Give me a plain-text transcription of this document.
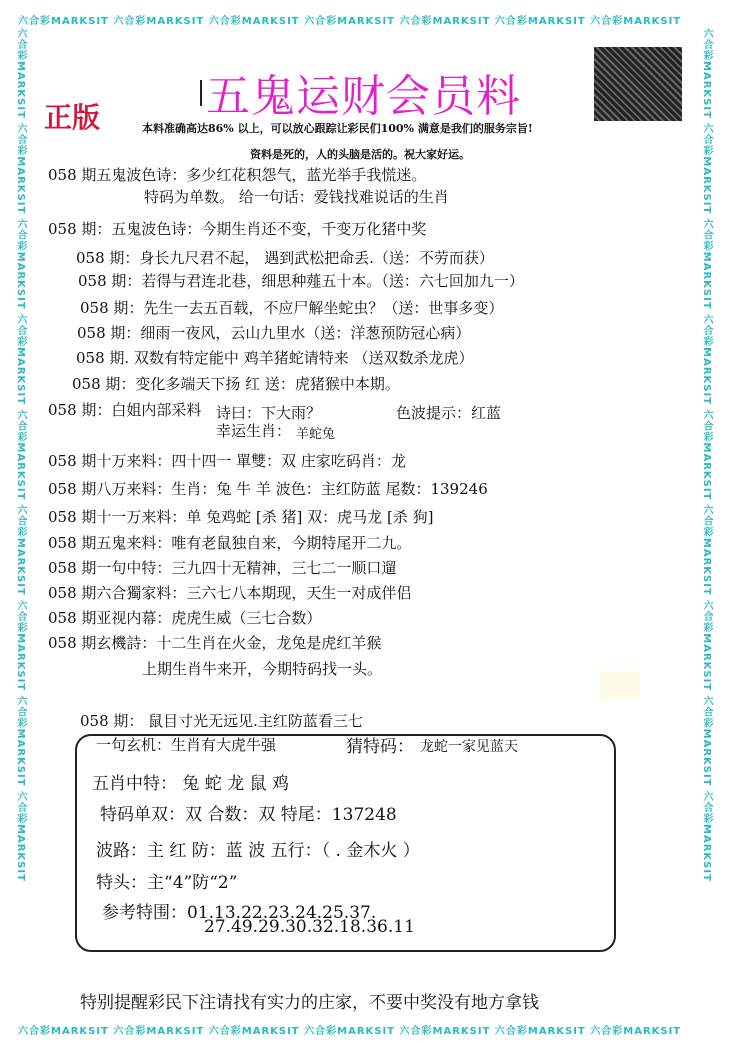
六合彩MARKSIT 六合彩MARKSIT 六合彩MARKSIT 六合彩MARKSIT 六合彩MARKSIT 六合彩MARKSIT 六合彩MARKSIT
六合彩MARKSIT 六合彩MARKSIT 六合彩MARKSIT 六合彩MARKSIT 六合彩MARKSIT 六合彩MARKSIT 六合彩MARKSIT
六合彩MARKSIT 六合彩MARKSIT 六合彩MARKSIT 六合彩MARKSIT 六合彩MARKSIT 六合彩MARKSIT 六合彩MARKSIT 六合彩MARKSIT 六合彩MARKSIT
六合彩MARKSIT 六合彩MARKSIT 六合彩MARKSIT 六合彩MARKSIT 六合彩MARKSIT 六合彩MARKSIT 六合彩MARKSIT 六合彩MARKSIT 六合彩MARKSIT
五鬼运财会员料
正版	本料准确高达86% 以上，可以放心跟踪让彩民们100% 满意是我们的服务宗旨!
资料是死的，人的头脑是活的。祝大家好运。
058 期五鬼波色诗：多少红花积怨气，蓝光举手我慌迷。
特码为单数。 给一句话：爱钱找难说话的生肖
058 期：五鬼波色诗：今期生肖还不变，千变万化猪中奖
058 期：身长九尺君不起， 遇到武松把命丢.（送：不劳而获）
058 期：若得与君连北巷，细思种薤五十本。（送：六七回加九一）
058 期：先生一去五百载，不应尸解坐蛇虫？（送：世事多变）
058 期：细雨一夜风，云山九里水（送：洋葱预防冠心病）
058 期. 双数有特定能中 鸡羊猪蛇请特来 （送双数杀龙虎）
058 期：变化多端天下扬 红 送：虎猪猴中本期。
058 期：白姐内部采料 诗曰：下大雨？	色波提示：红蓝
幸运生肖： 羊蛇兔
058 期十万来料：四十四一 單雙：双 庄家吃码肖：龙
058 期八万来料：生肖：兔 牛 羊 波色：主红防蓝 尾数：139246
058 期十一万来料：单 兔鸡蛇 [杀 猪] 双：虎马龙 [杀 狗]
058 期五鬼来料：唯有老鼠独自来，今期特尾开二九。
058 期一句中特：三九四十无精神，三七二一顺口遛
058 期六合獨家料：三六七八本期现，天生一对成伴侣
058 期亚视内幕：虎虎生威（三七合数）
058 期玄機詩：十二生肖在火金，龙兔是虎红羊猴
上期生肖牛来开，今期特码找一头。
058 期： 鼠目寸光无远见.主红防蓝看三七
一句玄机：生肖有大虎牛强	猜特码： 龙蛇一家见蓝天
五肖中特： 兔 蛇 龙 鼠 鸡
特码单双：双 合数：双 特尾：137248
波路：主 红 防：蓝 波 五行：（ . 金木火 ）
特头：主“4”防“2”
参考特围：01.13.22.23.24.25.37.
27.49.29.30.32.18.36.11
特别提醒彩民下注请找有实力的庄家，不要中奖没有地方拿钱
